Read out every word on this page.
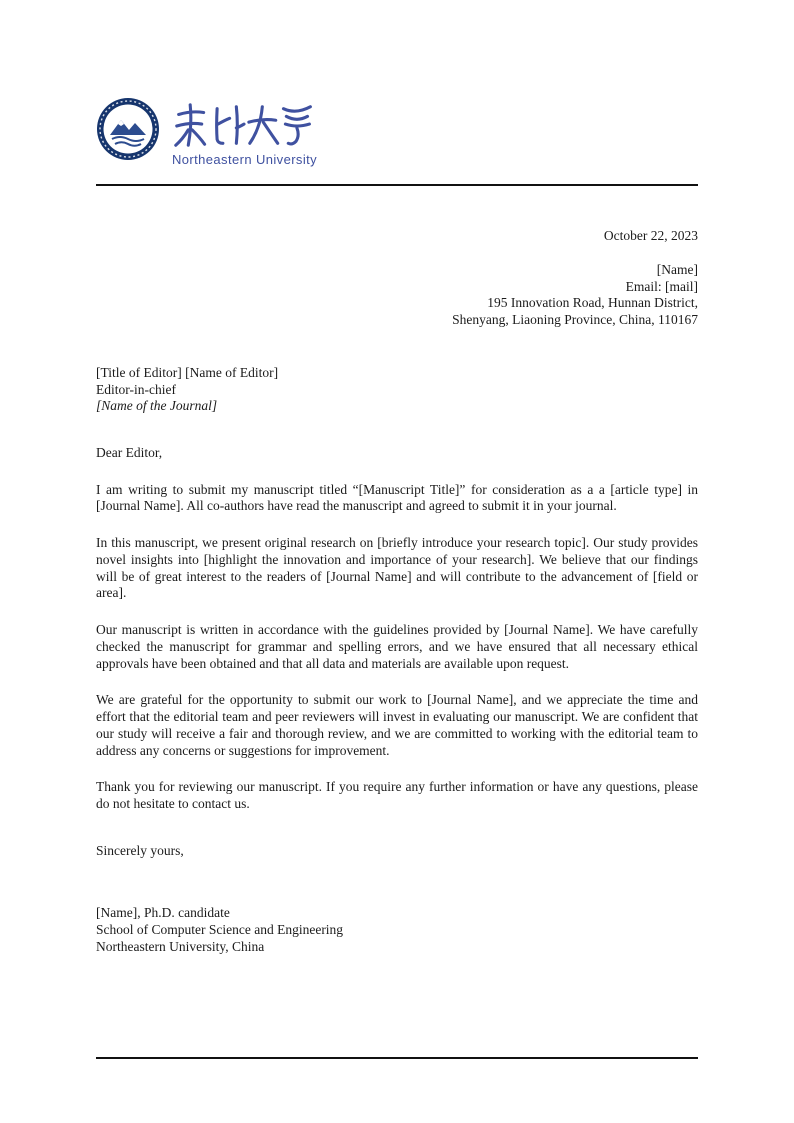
Northeastern University
October 22, 2023

[Name]

Email: [mail]

195 Innovation Road, Hunnan District,

Shenyang, Liaoning Province, China, 110167

[Title of Editor] [Name of Editor]

Editor-in-chief

[Name of the Journal]

Dear Editor,

I am writing to submit my manuscript titled “[Manuscript Title]” for consideration as a a [article type] in [Journal Name]. All co-authors have read the manuscript and agreed to submit it in your journal.

In this manuscript, we present original research on [briefly introduce your research topic]. Our study provides novel insights into [highlight the innovation and importance of your research]. We believe that our findings will be of great interest to the readers of [Journal Name] and will contribute to the advancement of [field or area].

Our manuscript is written in accordance with the guidelines provided by [Journal Name]. We have carefully checked the manuscript for grammar and spelling errors, and we have ensured that all necessary ethical approvals have been obtained and that all data and materials are available upon request.

We are grateful for the opportunity to submit our work to [Journal Name], and we appreciate the time and effort that the editorial team and peer reviewers will invest in evaluating our manuscript. We are confident that our study will receive a fair and thorough review, and we are committed to working with the editorial team to address any concerns or suggestions for improvement.

Thank you for reviewing our manuscript. If you require any further information or have any questions, please do not hesitate to contact us.

Sincerely yours,

[Name], Ph.D. candidate

School of Computer Science and Engineering

Northeastern University, China
